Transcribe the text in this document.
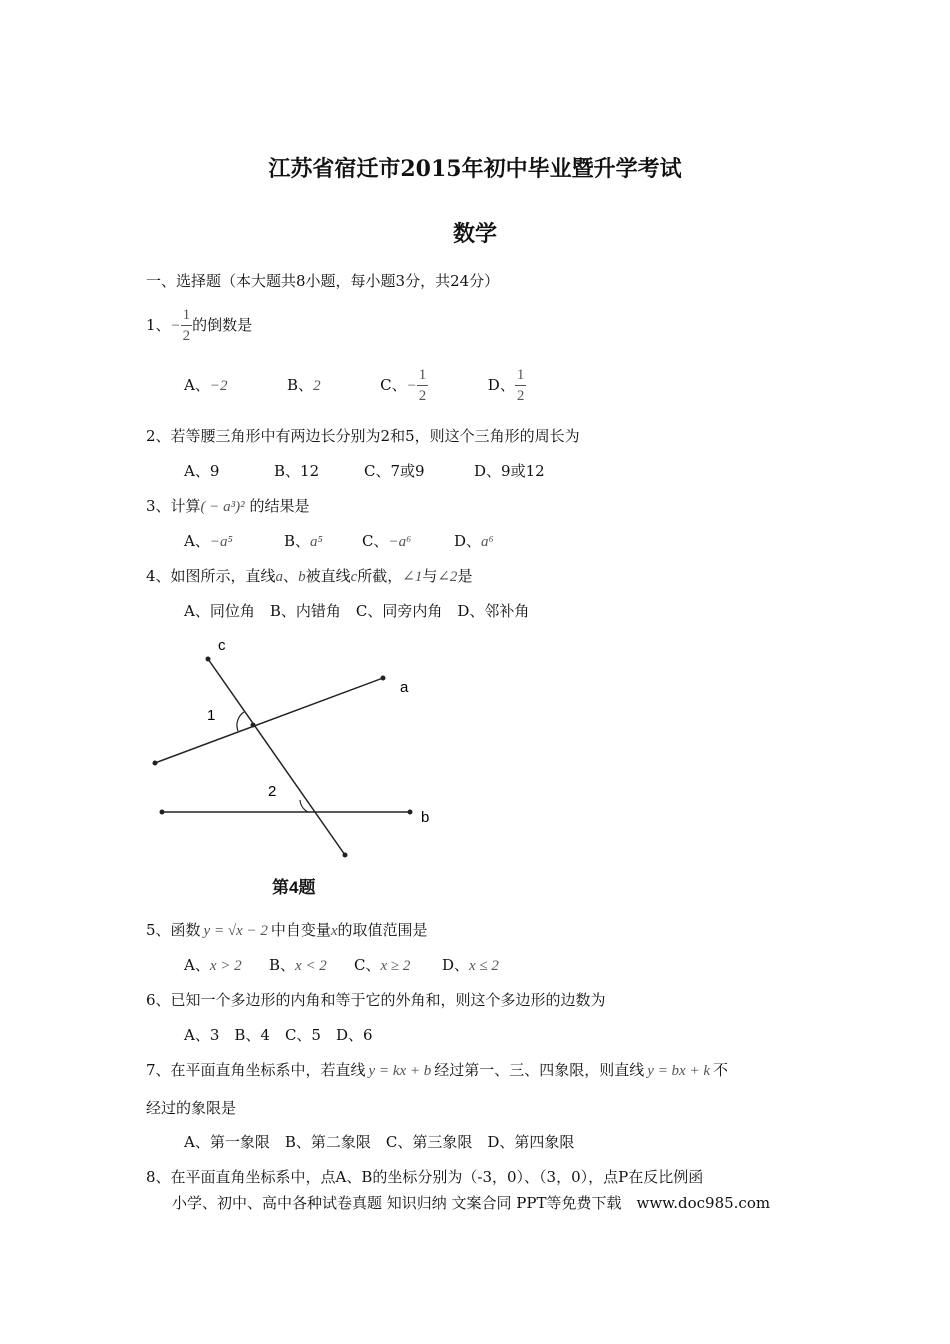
江苏省宿迁市2015年初中毕业暨升学考试
数学
一、选择题（本大题共8小题，每小题3分，共24分）
1、− $\frac{1}{2}$ 的倒数是
A、−2	B、2	C、− $\frac{1}{2}$	D、 $\frac{1}{2}$
2、若等腰三角形中有两边长分别为2和5，则这个三角形的周长为
A、9	B、12	C、7或9	D、9或12
3、计算( − a³)² 的结果是
A、−a⁵	B、a⁵	C、−a⁶	D、a⁶
4、如图所示，直线a、b被直线c所截，∠1与∠2是
A、同位角　B、内错角　C、同旁内角　D、邻补角
c
a
b
1
2
第4题
5、函数 y = √x − 2 中自变量x的取值范围是
A、x > 2 B、x < 2 C、x ≥ 2 D、x ≤ 2
6、已知一个多边形的内角和等于它的外角和，则这个多边形的边数为
A、3　B、4　C、5　D、6
7、在平面直角坐标系中，若直线 y = kx + b 经过第一、三、四象限，则直线 y = bx + k 不
经过的象限是
A、第一象限　B、第二象限　C、第三象限　D、第四象限
8、在平面直角坐标系中，点A、B的坐标分别为（-3，0）、（3，0），点P在反比例函
小学、初中、高中各种试卷真题 知识归纳 文案合同 PPT等免费下载　www.doc985.com
